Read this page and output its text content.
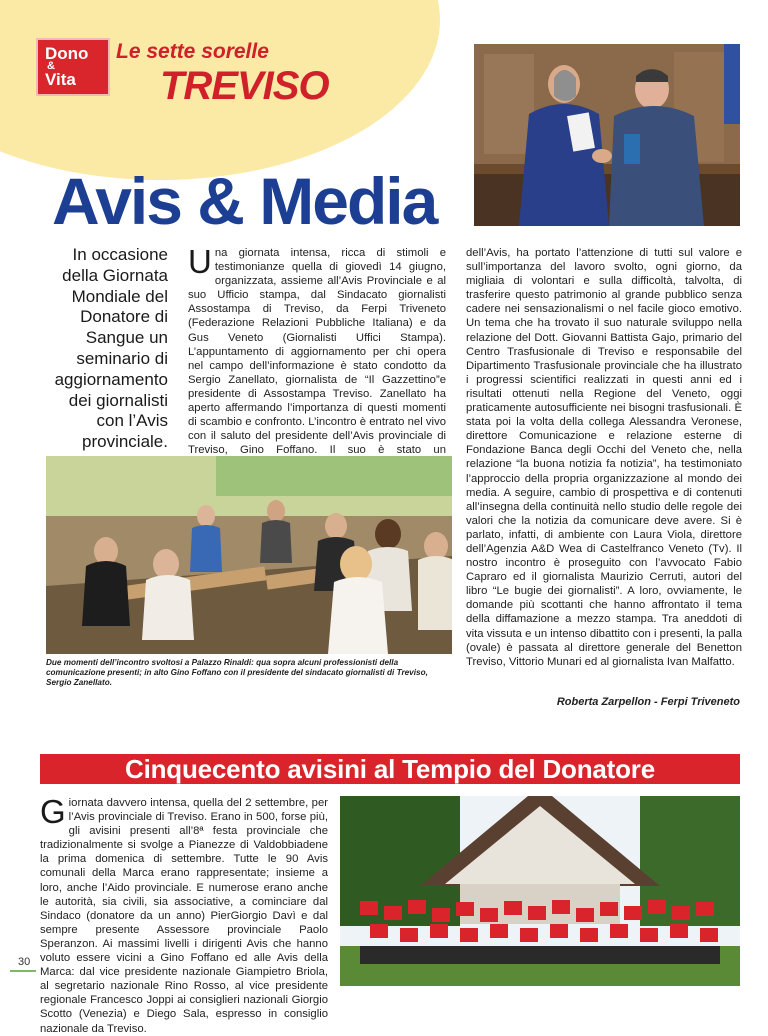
Dono
&
Vita
Le sette sorelle
TREVISO
Avis & Media
In occasione della Giornata Mondiale del Donatore di Sangue un seminario di aggiornamento dei giornalisti con l’Avis provinciale.

Una giornata intensa, ricca di stimoli e testimonianze quella di giovedì 14 giugno, organizzata, assieme all’Avis Provinciale e al suo Ufficio stampa, dal Sindacato giornalisti Assostampa di Treviso, da Ferpi Triveneto (Federazione Relazioni Pubbliche Italiana) e da Gus Veneto (Giornalisti Uffici Stampa). L’appuntamento di aggiornamento per chi opera nel campo dell’informazione è stato condotto da Sergio Zanellato, giornalista de “Il Gazzettino”e presidente di Assostampa Treviso. Zanellato ha aperto affermando l’importanza di questi momenti di scambio e confronto. L’incontro è entrato nel vivo con il saluto del presidente dell’Avis provinciale di Treviso, Gino Foffano. Il suo è stato un

dell’Avis, ha portato l’attenzione di tutti sul valore e sull’importanza del lavoro svolto, ogni giorno, da migliaia di volontari e sulla difficoltà, talvolta, di trasferire questo patrimonio al grande pubblico senza cadere nei sensazionalismi o nel facile gioco emotivo. Un tema che ha trovato il suo naturale sviluppo nella relazione del Dott. Giovanni Battista Gajo, primario del Centro Trasfusionale di Treviso e responsabile del Dipartimento Trasfusionale provinciale che ha illustrato i progressi scientifici realizzati in questi anni ed i risultati ottenuti nella Regione del Veneto, oggi praticamente autosufficiente nei bisogni trasfusionali. È stata poi la volta della collega Alessandra Veronese, direttore Comunicazione e relazione esterne di Fondazione Banca degli Occhi del Veneto che, nella relazione “la buona notizia fa notizia”, ha testimoniato l’approccio della propria organizzazione al mondo dei media. A seguire, cambio di prospettiva e di contenuti all’insegna della continuità nello studio delle regole dei valori che la notizia da comunicare deve avere. Si è parlato, infatti, di ambiente con Laura Viola, direttore dell’Agenzia A&D Wea di Castelfranco Veneto (Tv). Il nostro incontro è proseguito con l’avvocato Fabio Capraro ed il giornalista Maurizio Cerruti, autori del libro “Le bugie dei giornalisti”. A loro, ovviamente, le domande più scottanti che hanno affrontato il tema della diffamazione a mezzo stampa. Tra aneddoti di vita vissuta e un intenso dibattito con i presenti, la palla (ovale) è passata al direttore generale del Benetton Treviso, Vittorio Munari ed al giornalista Ivan Malfatto.

Due momenti dell’incontro svoltosi a Palazzo Rinaldi: qua sopra alcuni professionisti della comunicazione presenti; in alto Gino Foffano con il presidente del sindacato giornalisti di Treviso, Sergio Zanellato.
Roberta Zarpellon - Ferpi Triveneto
Cinquecento avisini al Tempio del Donatore

Giornata davvero intensa, quella del 2 settembre, per l’Avis provinciale di Treviso. Erano in 500, forse più, gli avisini presenti all’8ª festa provinciale che tradizionalmente si svolge a Pianezze di Valdobbiadene la prima domenica di settembre. Tutte le 90 Avis comunali della Marca erano rappresentate; insieme a loro, anche l’Aido provinciale. E numerose erano anche le autorità, sia civili, sia associative, a cominciare dal Sindaco (donatore da un anno) PierGiorgio Davì e dal sempre presente Assessore provinciale Paolo Speranzon. Ai massimi livelli i dirigenti Avis che hanno voluto essere vicini a Gino Foffano ed alle Avis della Marca: dal vice presidente nazionale Giampietro Briola, al segretario nazionale Rino Rosso, al vice presidente regionale Francesco Joppi ai consiglieri nazionali Giorgio Scotto (Venezia) e Diego Sala, espresso in consiglio nazionale da Treviso.

30
